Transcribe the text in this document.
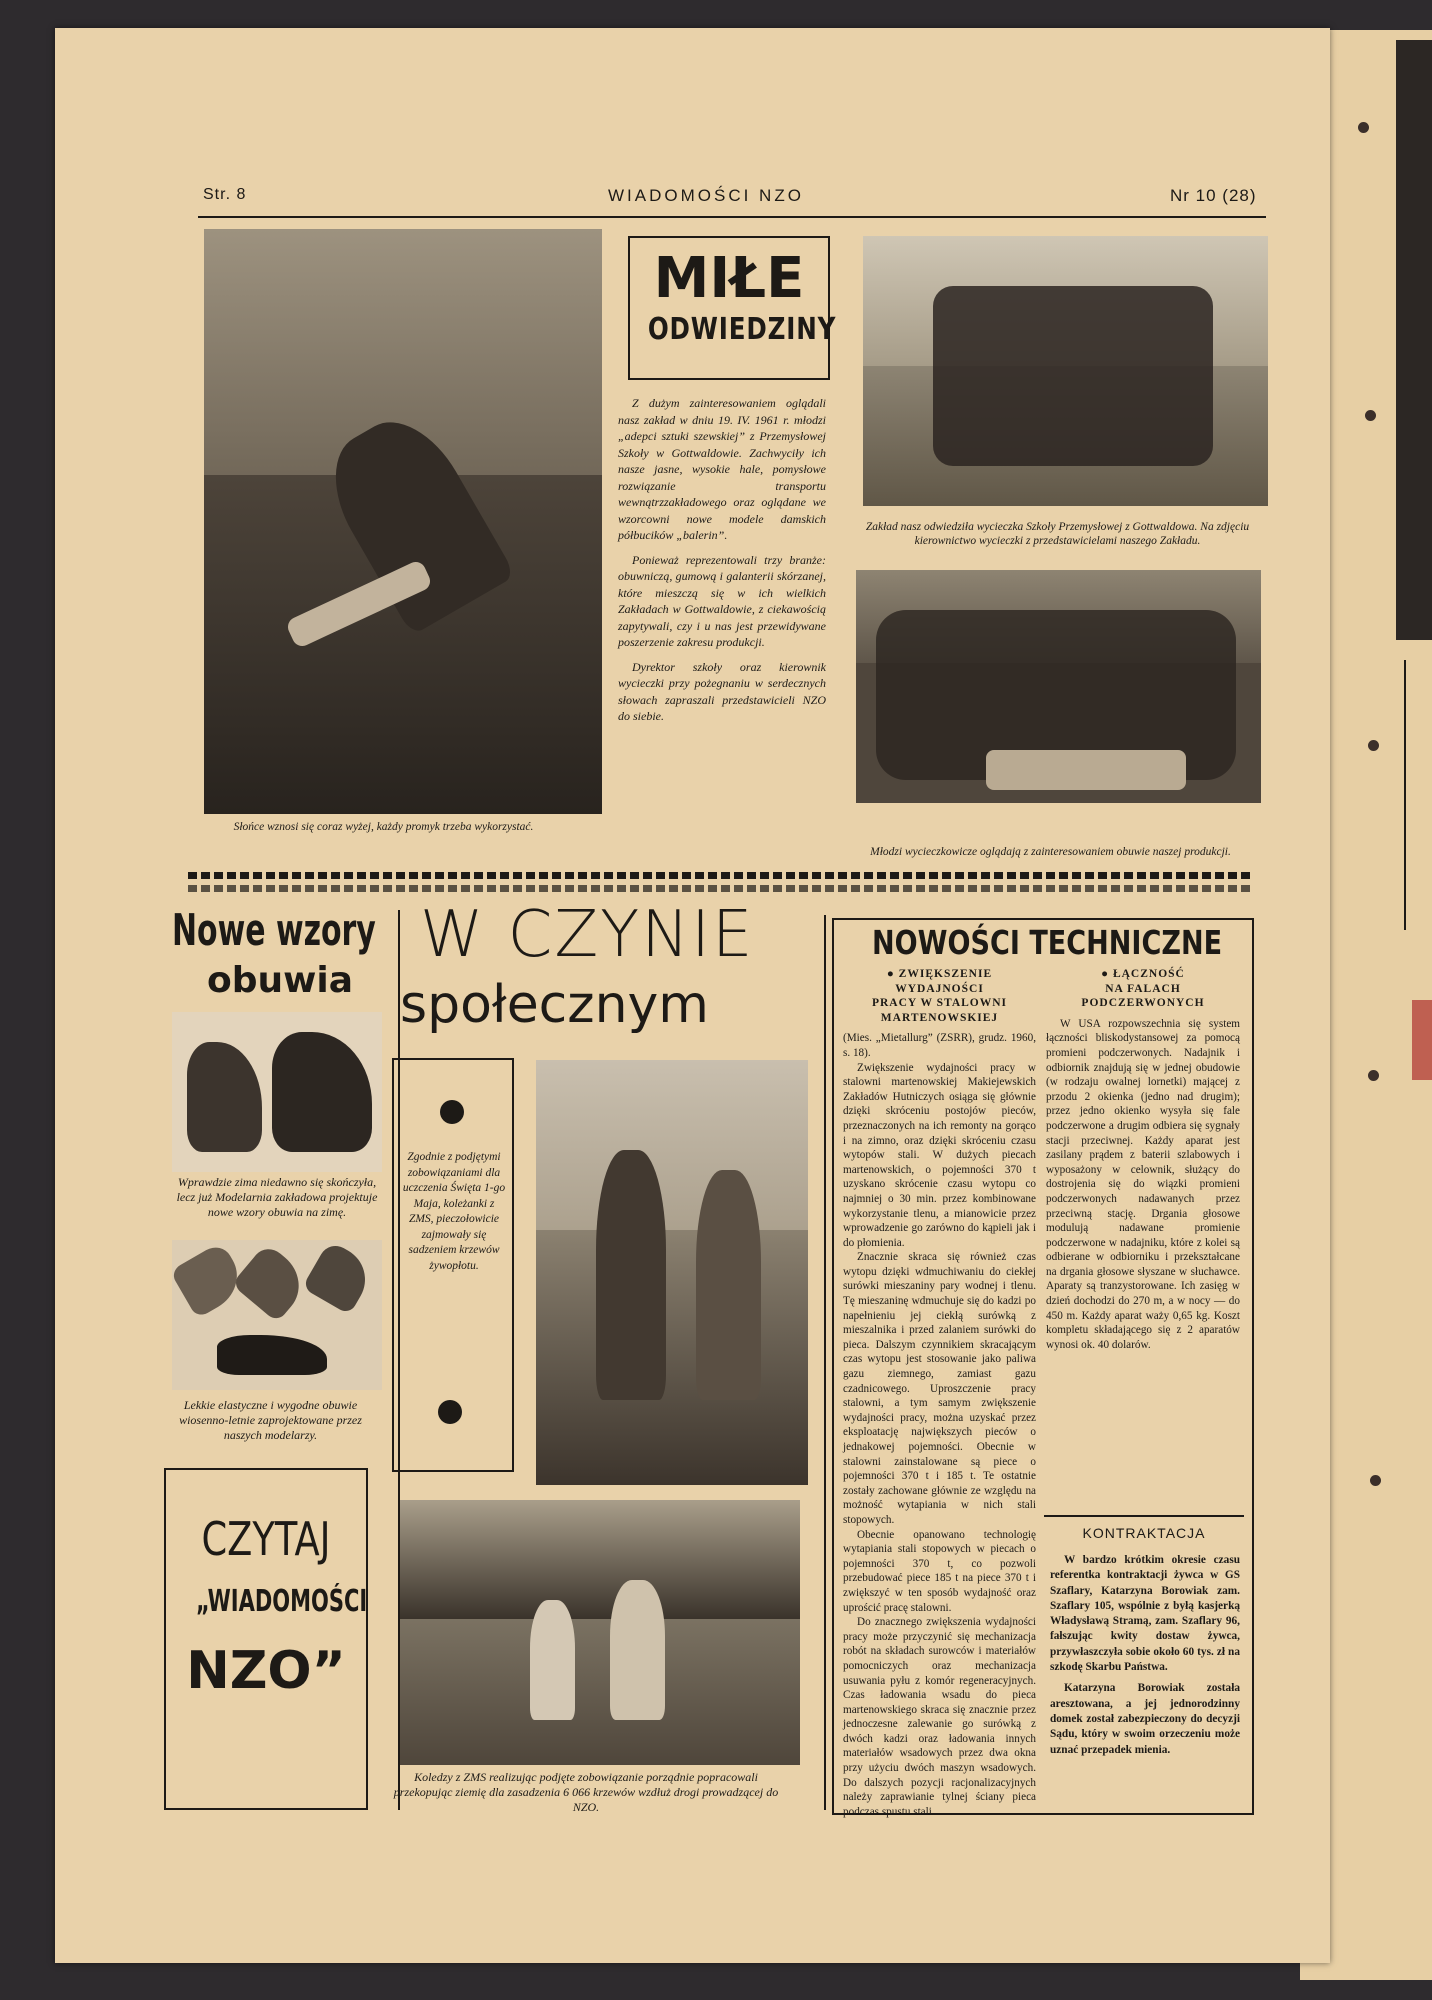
Str. 8	WIADOMOŚCI NZO	Nr 10 (28)
Słońce wznosi się coraz wyżej, każdy promyk trzeba wykorzystać.
MIŁE
ODWIEDZINY

Z dużym zainteresowaniem oglądali nasz zakład w dniu 19. IV. 1961 r. młodzi „adepci sztuki szewskiej” z Przemysłowej Szkoły w Gottwaldowie. Zachwyciły ich nasze jasne, wysokie hale, pomysłowe rozwiązanie transportu wewnątrzzakładowego oraz oglądane we wzorcowni nowe modele damskich półbucików „balerin”.

Ponieważ reprezentowali trzy branże: obuwniczą, gumową i galanterii skórzanej, które mieszczą się w ich wielkich Zakładach w Gottwaldowie, z ciekawością zapytywali, czy i u nas jest przewidywane poszerzenie zakresu produkcji.

Dyrektor szkoły oraz kierownik wycieczki przy pożegnaniu w serdecznych słowach zapraszali przedstawicieli NZO do siebie.

Zakład nasz odwiedziła wycieczka Szkoły Przemysłowej z Gottwaldowa. Na zdjęciu kierownictwo wycieczki z przedstawicielami naszego Zakładu.
Młodzi wycieczkowicze oglądają z zainteresowaniem obuwie naszej produkcji.
Nowe wzory
obuwia
Wprawdzie zima niedawno się skończyła, lecz już Modelarnia zakładowa projektuje nowe wzory obuwia na zimę.
Lekkie elastyczne i wygodne obuwie wiosenno-letnie zaprojektowane przez naszych modelarzy.
CZYTAJ
„WIADOMOŚCI
NZO”
W CZYNIE
społecznym
Zgodnie z podjętymi zobowiązaniami dla uczczenia Święta 1-go Maja, koleżanki z ZMS, pieczołowicie zajmowały się sadzeniem krzewów żywopłotu.
Koledzy z ZMS realizując podjęte zobowiązanie porządnie popracowali przekopując ziemię dla zasadzenia 6 066 krzewów wzdłuż drogi prowadzącej do NZO.
NOWOŚCI TECHNICZNE

● ZWIĘKSZENIE

WYDAJNOŚCI

PRACY W STALOWNI

MARTENOWSKIEJ

(Mies. „Mietallurg” (ZSRR), grudz. 1960, s. 18).

Zwiększenie wydajności pracy w stalowni martenowskiej Makiejewskich Zakładów Hutniczych osiąga się głównie dzięki skróceniu postojów pieców, przeznaczonych na ich remonty na gorąco i na zimno, oraz dzięki skróceniu czasu wytopów stali. W dużych piecach martenowskich, o pojemności 370 t uzyskano skrócenie czasu wytopu co najmniej o 30 min. przez kombinowane wykorzystanie tlenu, a mianowicie przez wprowadzenie go zarówno do kąpieli jak i do płomienia.

Znacznie skraca się również czas wytopu dzięki wdmuchiwaniu do ciekłej surówki mieszaniny pary wodnej i tlenu. Tę mieszaninę wdmuchuje się do kadzi po napełnieniu jej ciekłą surówką z mieszalnika i przed zalaniem surówki do pieca. Dalszym czynnikiem skracającym czas wytopu jest stosowanie jako paliwa gazu ziemnego, zamiast gazu czadnicowego. Uproszczenie pracy stalowni, a tym samym zwiększenie wydajności pracy, można uzyskać przez eksploatację największych pieców o jednakowej pojemności. Obecnie w stalowni zainstalowane są piece o pojemności 370 t i 185 t. Te ostatnie zostały zachowane głównie ze względu na możność wytapiania w nich stali stopowych.

Obecnie opanowano technologię wytapiania stali stopowych w piecach o pojemności 370 t, co pozwoli przebudować piece 185 t na piece 370 t i zwiększyć w ten sposób wydajność oraz uprościć pracę stalowni.

Do znacznego zwiększenia wydajności pracy może przyczynić się mechanizacja robót na składach surowców i materiałów pomocniczych oraz mechanizacja usuwania pyłu z komór regeneracyjnych. Czas ładowania wsadu do pieca martenowskiego skraca się znacznie przez jednoczesne zalewanie go surówką z dwóch kadzi oraz ładowania innych materiałów wsadowych przez dwa okna przy użyciu dwóch maszyn wsadowych. Do dalszych pozycji racjonalizacyjnych należy zaprawianie tylnej ściany pieca podczas spustu stali.

● ŁĄCZNOŚĆ

NA FALACH

PODCZERWONYCH

W USA rozpowszechnia się system łączności bliskodystansowej za pomocą promieni podczerwonych. Nadajnik i odbiornik znajdują się w jednej obudowie (w rodzaju owalnej lornetki) mającej z przodu 2 okienka (jedno nad drugim); przez jedno okienko wysyła się fale podczerwone a drugim odbiera się sygnały stacji przeciwnej. Każdy aparat jest zasilany prądem z baterii szlabowych i wyposażony w celownik, służący do dostrojenia się do wiązki promieni podczerwonych nadawanych przez przeciwną stację. Drgania głosowe modulują nadawane promienie podczerwone w nadajniku, które z kolei są odbierane w odbiorniku i przekształcane na drgania głosowe słyszane w słuchawce. Aparaty są tranzystorowane. Ich zasięg w dzień dochodzi do 270 m, a w nocy — do 450 m. Każdy aparat waży 0,65 kg. Koszt kompletu składającego się z 2 aparatów wynosi ok. 40 dolarów.

KONTRAKTACJA

W bardzo krótkim okresie czasu referentka kontraktacji żywca w GS Szaflary, Katarzyna Borowiak zam. Szaflary 105, wspólnie z byłą kasjerką Władysławą Stramą, zam. Szaflary 96, fałszując kwity dostaw żywca, przywłaszczyła sobie około 60 tys. zł na szkodę Skarbu Państwa.

Katarzyna Borowiak została aresztowana, a jej jednorodzinny domek został zabezpieczony do decyzji Sądu, który w swoim orzeczeniu może uznać przepadek mienia.
